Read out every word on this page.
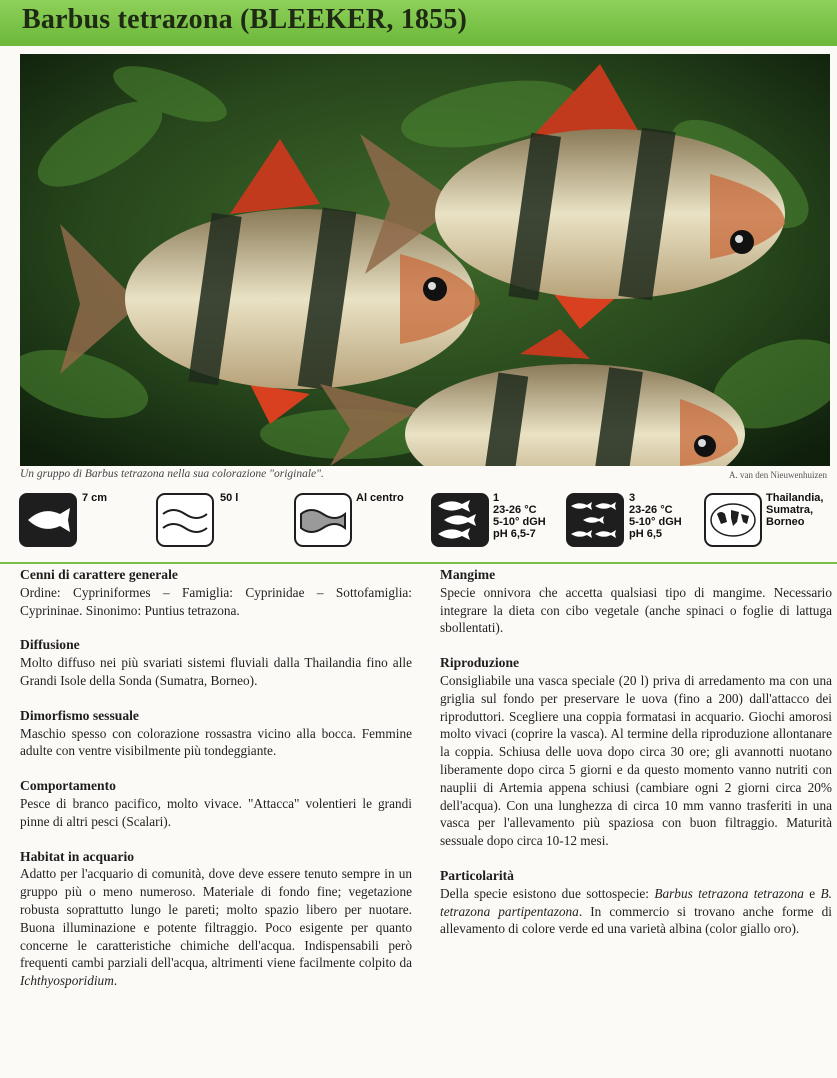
Barbus tetrazona (BLEEKER, 1855)
Un gruppo di Barbus tetrazona nella sua colorazione "originale".	A. van den Nieuwenhuizen
7 cm	50 l	Al centro	1
23-26 °C
5-10° dGH
pH 6,5-7
3
23-26 °C
5-10° dGH
pH 6,5
Thailandia,
Sumatra,
Borneo
Cenni di carattere generale

Ordine: Cypriniformes – Famiglia: Cyprinidae – Sottofamiglia: Cyprininae. Sinonimo: Puntius tetrazona.

Diffusione

Molto diffuso nei più svariati sistemi fluviali dalla Thailandia fino alle Grandi Isole della Sonda (Sumatra, Borneo).

Dimorfismo sessuale

Maschio spesso con colorazione rossastra vicino alla bocca. Femmine adulte con ventre visibilmente più tondeggiante.

Comportamento

Pesce di branco pacifico, molto vivace. "Attacca" volentieri le grandi pinne di altri pesci (Scalari).

Habitat in acquario

Adatto per l'acquario di comunità, dove deve essere tenuto sempre in un gruppo più o meno numeroso. Materiale di fondo fine; vegetazione robusta soprattutto lungo le pareti; molto spazio libero per nuotare. Buona illuminazione e potente filtraggio. Poco esigente per quanto concerne le caratteristiche chimiche dell'acqua. Indispensabili però frequenti cambi parziali dell'acqua, altrimenti viene facilmente colpito da Ichthyosporidium.

Mangime

Specie onnivora che accetta qualsiasi tipo di mangime. Necessario integrare la dieta con cibo vegetale (anche spinaci o foglie di lattuga sbollentati).

Riproduzione

Consigliabile una vasca speciale (20 l) priva di arredamento ma con una griglia sul fondo per preservare le uova (fino a 200) dall'attacco dei riproduttori. Scegliere una coppia formatasi in acquario. Giochi amorosi molto vivaci (coprire la vasca). Al termine della riproduzione allontanare la coppia. Schiusa delle uova dopo circa 30 ore; gli avannotti nuotano liberamente dopo circa 5 giorni e da questo momento vanno nutriti con nauplii di Artemia appena schiusi (cambiare ogni 2 giorni circa 20% dell'acqua). Con una lunghezza di circa 10 mm vanno trasferiti in una vasca per l'allevamento più spaziosa con buon filtraggio. Maturità sessuale dopo circa 10-12 mesi.

Particolarità

Della specie esistono due sottospecie: Barbus tetrazona tetrazona e B. tetrazona partipentazona. In commercio si trovano anche forme di allevamento di colore verde ed una varietà albina (color giallo oro).
